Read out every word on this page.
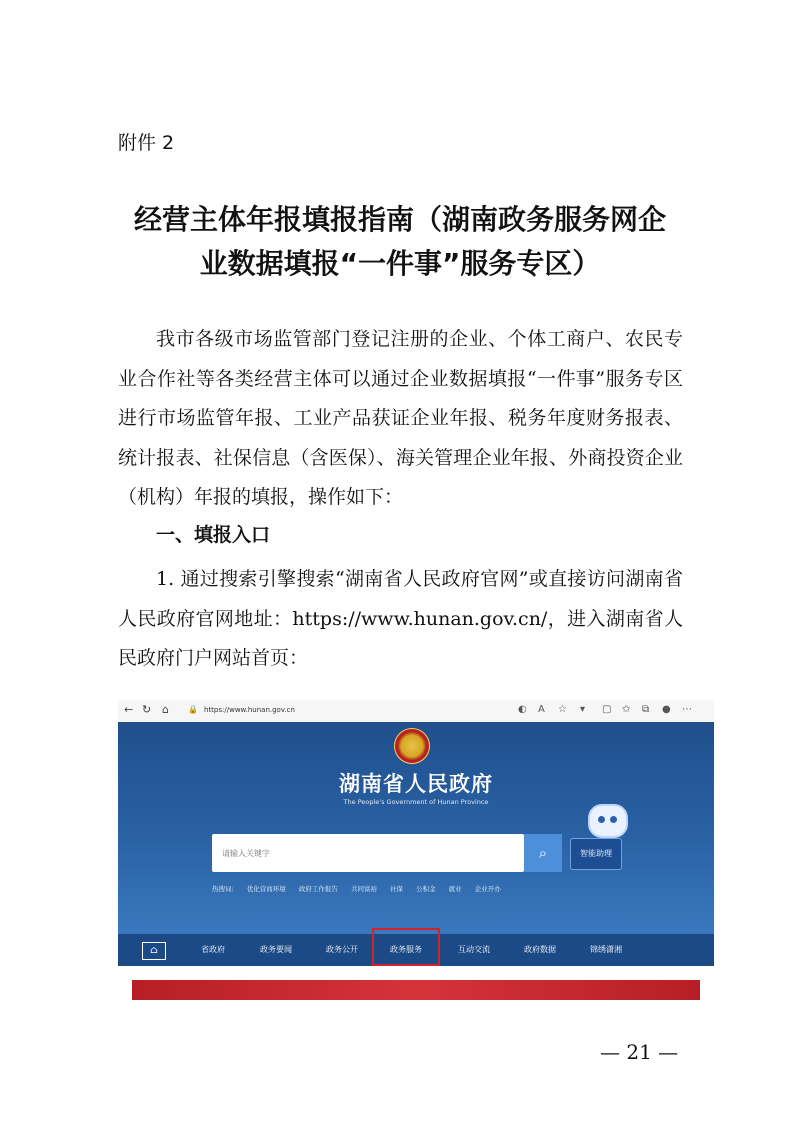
附件 2
经营主体年报填报指南（湖南政务服务网企
业数据填报“一件事”服务专区）
我市各级市场监管部门登记注册的企业、个体工商户、农民专业合作社等各类经营主体可以通过企业数据填报“一件事”服务专区进行市场监管年报、工业产品获证企业年报、税务年度财务报表、统计报表、社保信息（含医保）、海关管理企业年报、外商投资企业（机构）年报的填报，操作如下：
一、填报入口
1. 通过搜索引擎搜索“湖南省人民政府官网”或直接访问湖南省人民政府官网地址：https://www.hunan.gov.cn/，进入湖南省人民政府门户网站首页：
← ↻ ⌂ 🔒 https://www.hunan.gov.cn	◐ A ☆ ▾ ▢ ✩ ⧉ ● ⋯
湖南省人民政府
The People's Government of Hunan Province
请输入关键字
⌕	智能助理
热搜词: 优化营商环境 政府工作报告 共同富裕 社保 公积金 就业 企业开办
⌂	省政府	政务要闻	政务公开	政务服务	互动交流	政府数据	锦绣潇湘
— 21 —
